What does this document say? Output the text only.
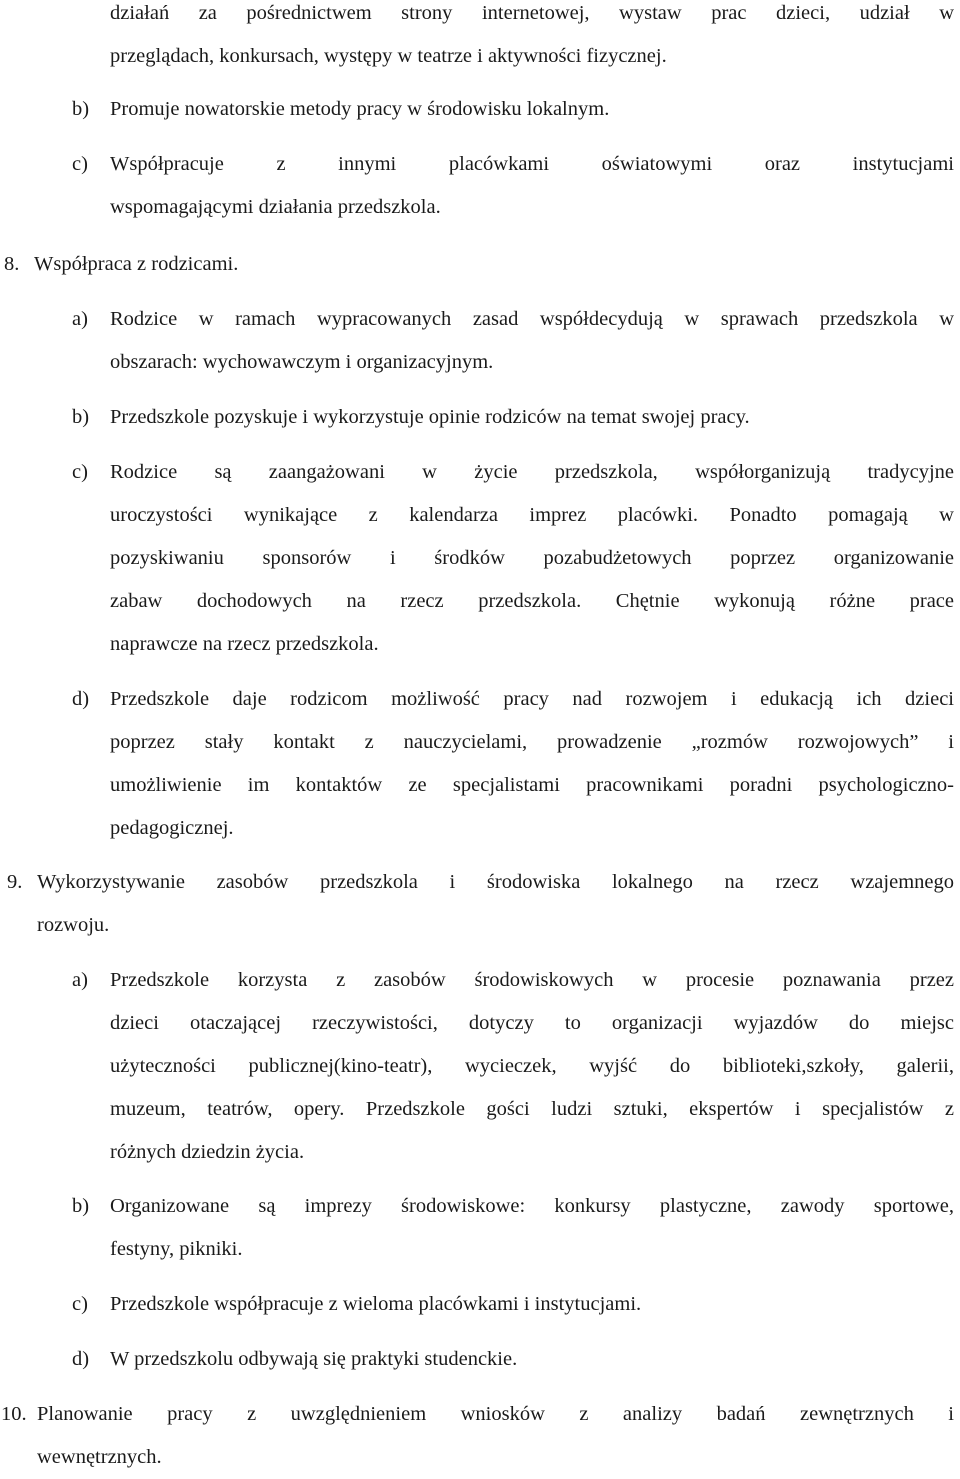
działań za pośrednictwem strony internetowej, wystaw prac dzieci, udział w
przeglądach, konkursach, występy w teatrze i aktywności fizycznej.
b) Promuje nowatorskie metody pracy w środowisku lokalnym.
c) Współpracuje z innymi placówkami oświatowymi oraz instytucjami
wspomagającymi działania przedszkola.
8. Współpraca z rodzicami.
a) Rodzice w ramach wypracowanych zasad współdecydują w sprawach przedszkola w
obszarach: wychowawczym i organizacyjnym.
b) Przedszkole pozyskuje i wykorzystuje opinie rodziców na temat swojej pracy.
c) Rodzice są zaangażowani w życie przedszkola, współorganizują tradycyjne
uroczystości wynikające z kalendarza imprez placówki. Ponadto pomagają w
pozyskiwaniu sponsorów i środków pozabudżetowych poprzez organizowanie
zabaw dochodowych na rzecz przedszkola. Chętnie wykonują różne prace
naprawcze na rzecz przedszkola.
d) Przedszkole daje rodzicom możliwość pracy nad rozwojem i edukacją ich dzieci
poprzez stały kontakt z nauczycielami, prowadzenie „rozmów rozwojowych” i
umożliwienie im kontaktów ze specjalistami pracownikami poradni psychologiczno-
pedagogicznej.
9. Wykorzystywanie zasobów przedszkola i środowiska lokalnego na rzecz wzajemnego
rozwoju.
a) Przedszkole korzysta z zasobów środowiskowych w procesie poznawania przez
dzieci otaczającej rzeczywistości, dotyczy to organizacji wyjazdów do miejsc
użyteczności publicznej(kino-teatr), wycieczek, wyjść do biblioteki,szkoły, galerii,
muzeum, teatrów, opery. Przedszkole gości ludzi sztuki, ekspertów i specjalistów z
różnych dziedzin życia.
b) Organizowane są imprezy środowiskowe: konkursy plastyczne, zawody sportowe,
festyny, pikniki.
c) Przedszkole współpracuje z wieloma placówkami i instytucjami.
d) W przedszkolu odbywają się praktyki studenckie.
10. Planowanie pracy z uwzględnieniem wniosków z analizy badań zewnętrznych i
wewnętrznych.
